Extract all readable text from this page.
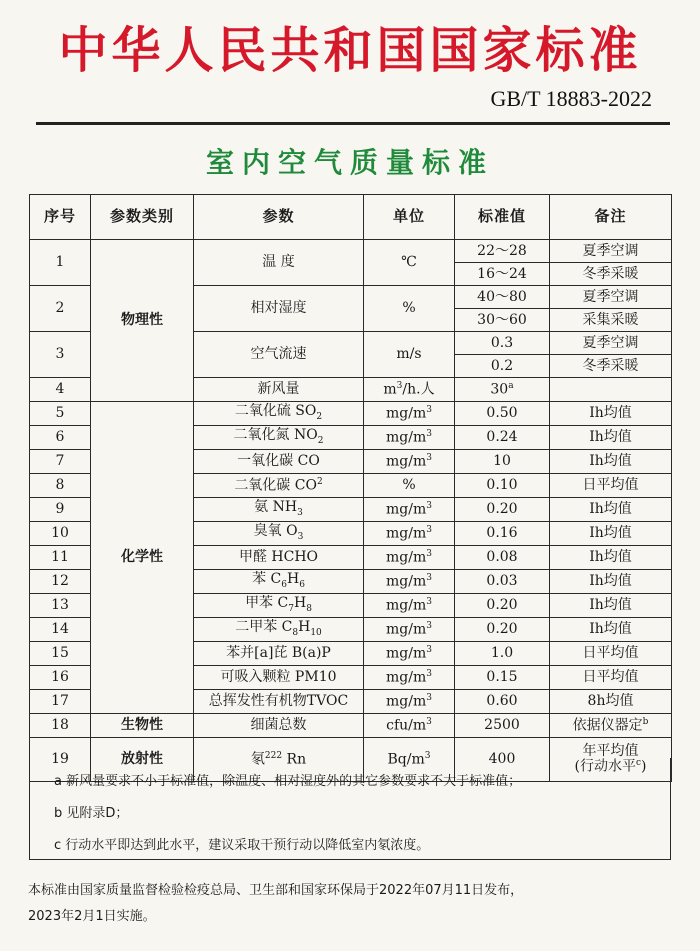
中华人民共和国国家标准
GB/T 18883-2022
室内空气质量标准
序号	参数类别	参数	单位	标准值	备注
1	物理性	温 度	℃	22～28	夏季空调
				16～24	冬季采暖
2		相对湿度	%	40～80	夏季空调
				30～60	采集采暖
3		空气流速	m/s	0.3	夏季空调
				0.2	冬季采暖
4		新风量	$m^3/h$.人	30$^a$	
5	化学性	二氧化硫 $SO_2$	$mg/m^3$	0.50	Ih均值
6		二氧化氮 $NO_2$	$mg/m^3$	0.24	Ih均值
7		一氧化碳 CO	$mg/m^3$	10	Ih均值
8		二氧化碳 $CO^2$	%	0.10	日平均值
9		氨 $NH_3$	$mg/m^3$	0.20	Ih均值
10		臭氧 $O_3$	$mg/m^3$	0.16	Ih均值
11		甲醛 HCHO	$mg/m^3$	0.08	Ih均值
12		苯 $C_6H_6$	$mg/m^3$	0.03	Ih均值
13		甲苯 $C_7H_8$	$mg/m^3$	0.20	Ih均值
14		二甲苯 $C_8H_{10}$	$mg/m^3$	0.20	Ih均值
15		苯并[a]芘 B(a)P	$mg/m^3$	1.0	日平均值
16		可吸入颗粒 PM10	$mg/m^3$	0.15	日平均值
17		总挥发性有机物TVOC	$mg/m^3$	0.60	8h均值
18	生物性	细菌总数	cfu/$m^3$	2500	依据仪器定$^b$
19	放射性	氡$^{222}$ Rn	$Bq/m^3$	400	年平均值
(行动水平$^c$)
a 新风量要求不小于标准值，除温度、相对湿度外的其它参数要求不大于标准值；
b 见附录D；
c 行动水平即达到此水平，建议采取干预行动以降低室内氡浓度。
本标准由国家质量监督检验检疫总局、卫生部和国家环保局于2022年07月11日发布，
2023年2月1日实施。
